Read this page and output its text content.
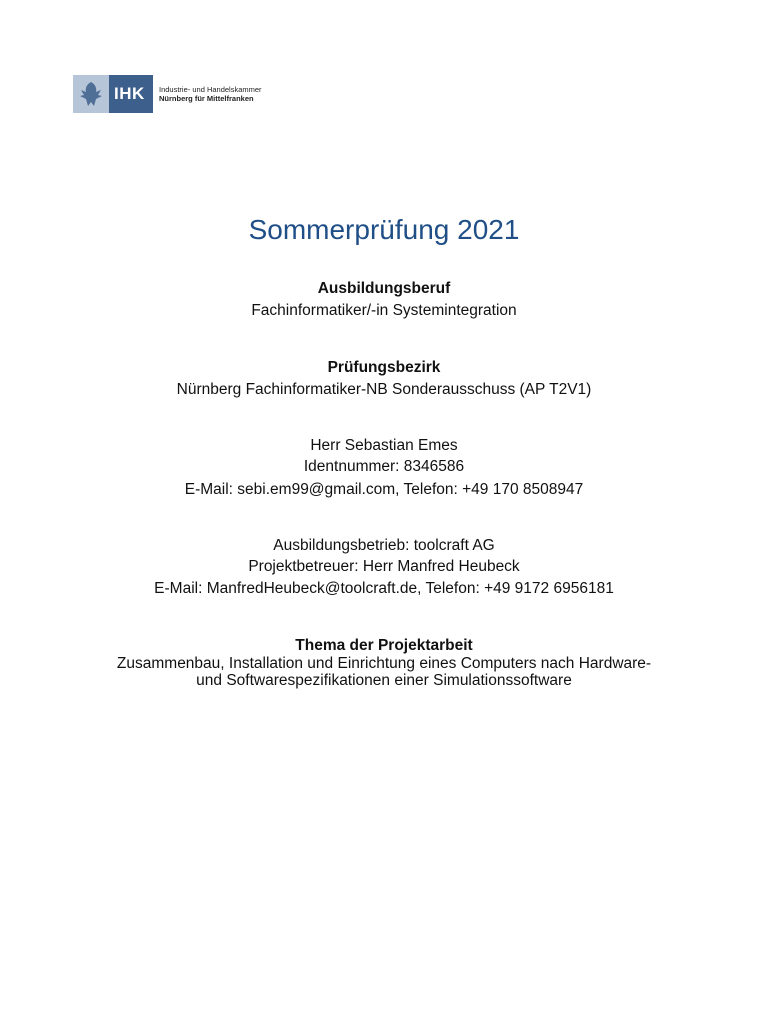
IHK Industrie- und Handelskammer
Nürnberg für Mittelfranken
Sommerprüfung 2021
Ausbildungsberuf
Fachinformatiker/-in Systemintegration
Prüfungsbezirk
Nürnberg Fachinformatiker-NB Sonderausschuss (AP T2V1)
Herr Sebastian Emes
Identnummer: 8346586
E-Mail: sebi.em99@gmail.com, Telefon: +49 170 8508947
Ausbildungsbetrieb: toolcraft AG
Projektbetreuer: Herr Manfred Heubeck
E-Mail: ManfredHeubeck@toolcraft.de, Telefon: +49 9172 6956181
Thema der Projektarbeit
Zusammenbau, Installation und Einrichtung eines Computers nach Hardware-
und Softwarespezifikationen einer Simulationssoftware
